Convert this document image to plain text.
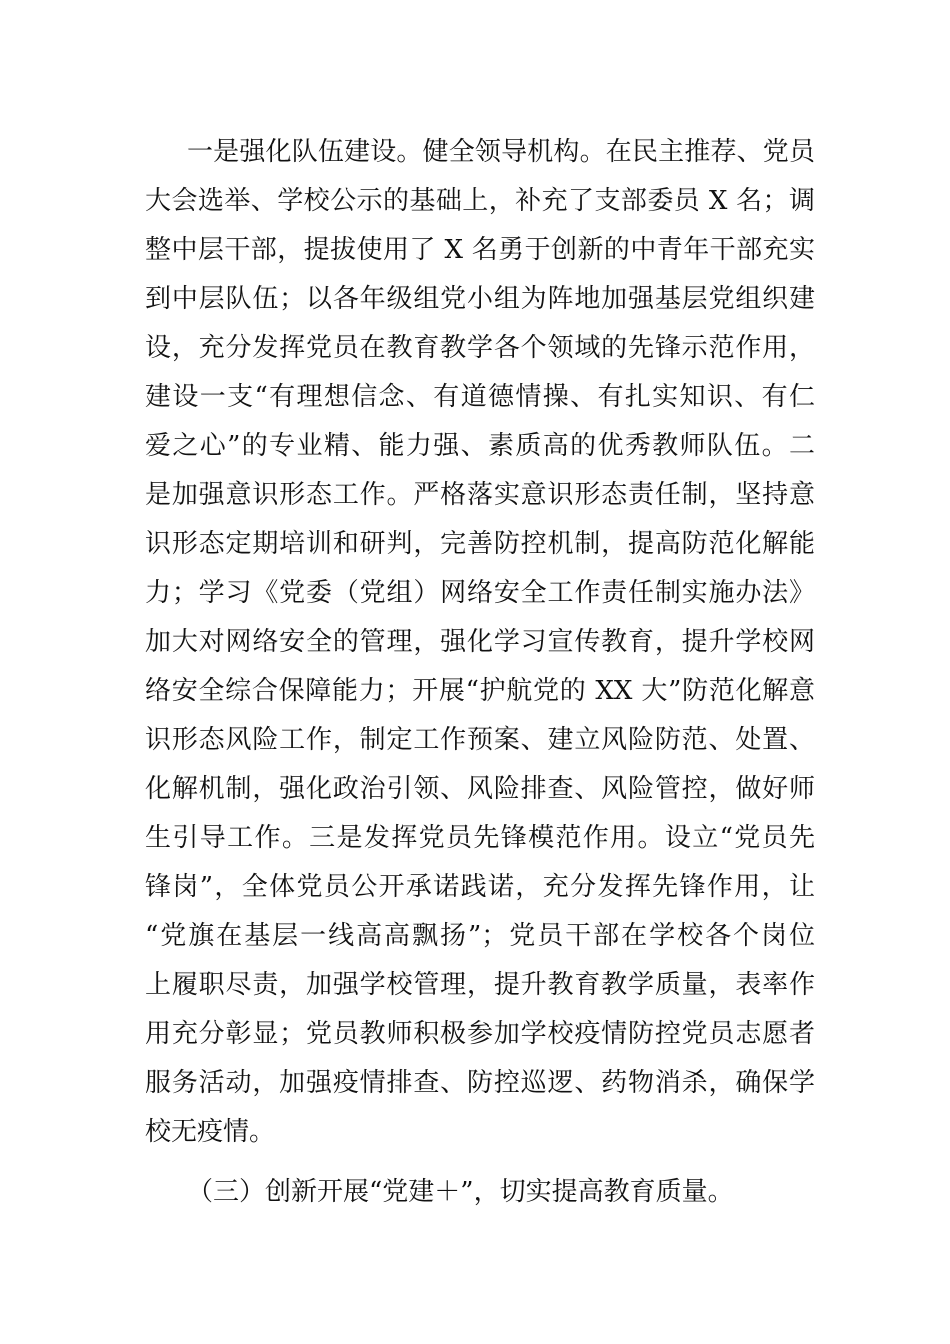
一是强化队伍建设。健全领导机构。在民主推荐、党员
大会选举、学校公示的基础上，补充了支部委员 X 名；调
整中层干部，提拔使用了 X 名勇于创新的中青年干部充实
到中层队伍；以各年级组党小组为阵地加强基层党组织建
设，充分发挥党员在教育教学各个领域的先锋示范作用，
建设一支“有理想信念、有道德情操、有扎实知识、有仁
爱之心”的专业精、能力强、素质高的优秀教师队伍。二
是加强意识形态工作。严格落实意识形态责任制，坚持意
识形态定期培训和研判，完善防控机制，提高防范化解能
力；学习《党委（党组）网络安全工作责任制实施办法》
加大对网络安全的管理，强化学习宣传教育，提升学校网
络安全综合保障能力；开展“护航党的 XX 大”防范化解意
识形态风险工作，制定工作预案、建立风险防范、处置、
化解机制，强化政治引领、风险排查、风险管控，做好师
生引导工作。三是发挥党员先锋模范作用。设立“党员先
锋岗”，全体党员公开承诺践诺，充分发挥先锋作用，让
“党旗在基层一线高高飘扬”；党员干部在学校各个岗位
上履职尽责，加强学校管理，提升教育教学质量，表率作
用充分彰显；党员教师积极参加学校疫情防控党员志愿者
服务活动，加强疫情排查、防控巡逻、药物消杀，确保学
校无疫情。
（三）创新开展“党建＋”，切实提高教育质量。
